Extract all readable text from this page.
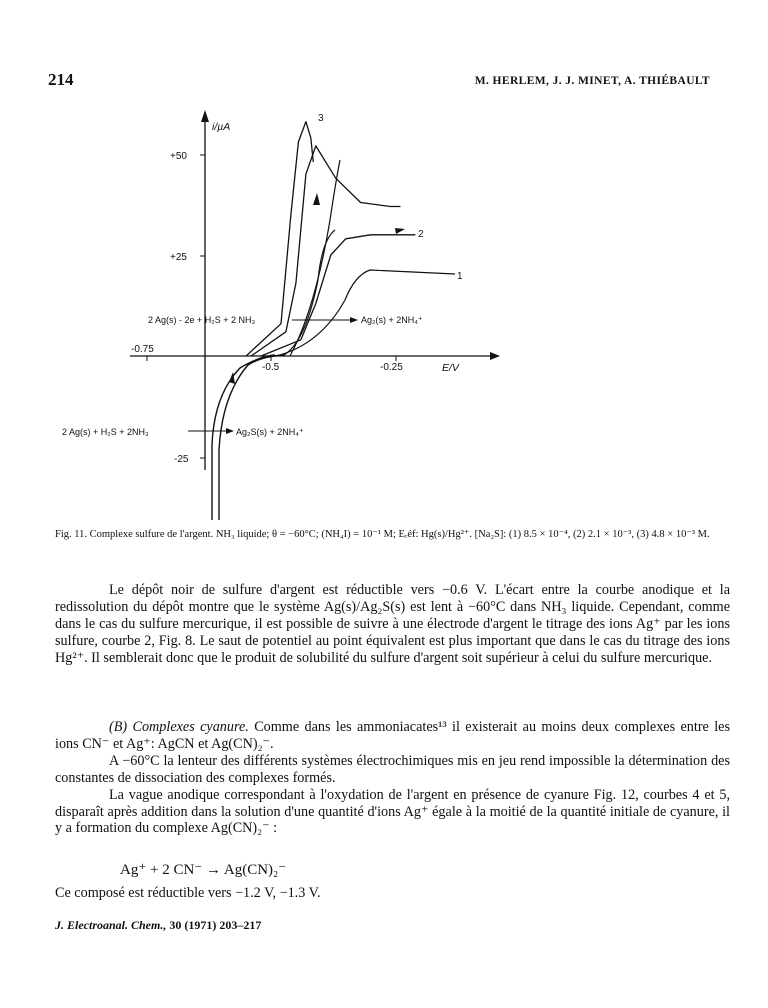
214	M. HERLEM, J. J. MINET, A. THIÉBAULT
+50
+25
-25
-0.75
-0.5	-0.25
i/µA
E/V
2 Ag(s) - 2e + H₂S + 2 NH₃	Ag₂(s) + 2NH₄⁺
2 Ag(s) + H₂S + 2NH₃	Ag₂S(s) + 2NH₄⁺
1
2
3
Fig. 11. Complexe sulfure de l'argent. NH₃ liquide; θ = −60°C; (NH₄I) = 10⁻¹ M; Eᵣéf: Hg(s)/Hg²⁺. [Na₂S]: (1) 8.5 × 10⁻⁴, (2) 2.1 × 10⁻³, (3) 4.8 × 10⁻³ M.

Le dépôt noir de sulfure d'argent est réductible vers −0.6 V. L'écart entre la courbe anodique et la redissolution du dépôt montre que le système Ag(s)/Ag₂S(s) est lent à −60°C dans NH₃ liquide. Cependant, comme dans le cas du sulfure mercurique, il est possible de suivre à une électrode d'argent le titrage des ions Ag⁺ par les ions sulfure, courbe 2, Fig. 8. Le saut de potentiel au point équivalent est plus important que dans le cas du titrage des ions Hg²⁺. Il semblerait donc que le produit de solubilité du sulfure d'argent soit supérieur à celui du sulfure mercurique.

(B) Complexes cyanure. Comme dans les ammoniacates¹³ il existerait au moins deux complexes entre les ions CN⁻ et Ag⁺: AgCN et Ag(CN)₂⁻.

A −60°C la lenteur des différents systèmes électrochimiques mis en jeu rend impossible la détermination des constantes de dissociation des complexes formés.

La vague anodique correspondant à l'oxydation de l'argent en présence de cyanure Fig. 12, courbes 4 et 5, disparaît après addition dans la solution d'une quantité d'ions Ag⁺ égale à la moitié de la quantité initiale de cyanure, il y a formation du complexe Ag(CN)₂⁻ :

Ag⁺ + 2 CN⁻ → Ag(CN)₂⁻

Ce composé est réductible vers −1.2 V, −1.3 V.

J. Electroanal. Chem., 30 (1971) 203–217
